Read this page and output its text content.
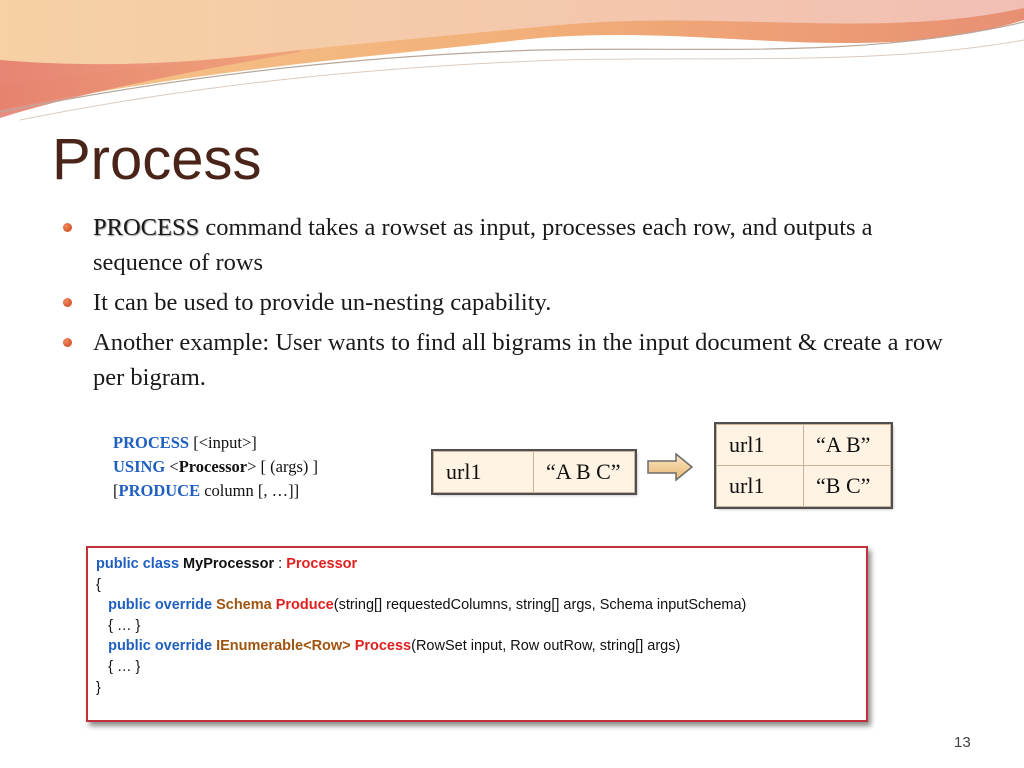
Process
PROCESS command takes a rowset as input, processes each row, and outputs a sequence of rows
It can be used to provide un-nesting capability.
Another example: User wants to find all bigrams in the input document & create a row per bigram.
PROCESS [<input>]
USING <Processor> [ (args) ]
[PRODUCE column [, …]]
url1	“A B C”
url1	“A B”
url1	“B C”
public class MyProcessor : Processor
{
public override Schema Produce(string[] requestedColumns, string[] args, Schema inputSchema)
{ … }
public override IEnumerable<Row> Process(RowSet input, Row outRow, string[] args)
{ … }
}
13
